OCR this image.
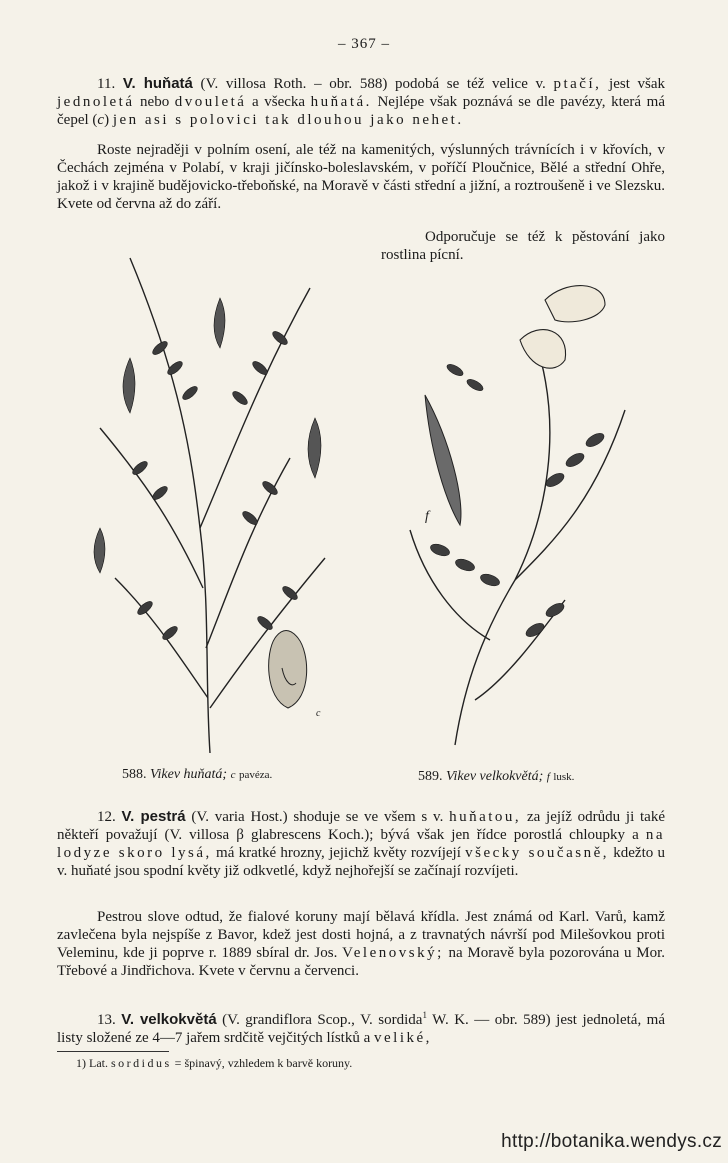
– 367 –

11. V. huňatá (V. villosa Roth. – obr. 588) podobá se též velice v. ptačí, jest však jednoletá nebo dvouletá a všecka huňatá. Nejlépe však poznává se dle pavézy, která má čepel (c) jen asi s polovici tak dlouhou jako nehet.

Roste nejraději v polním osení, ale též na kamenitých, výslunných trávnících i v křovích, v Čechách zejména v Polabí, v kraji jičínsko-boleslavském, v poříčí Ploučnice, Bělé a střední Ohře, jakož i v krajině budějovicko-třeboňské, na Moravě v části střední a jižní, a roztroušeně i ve Slezsku. Kvete od června až do září.

Odporučuje se též k pěstování jako rostlina pícní.

c
f
588. Vikev huňatá; c pavéza.	589. Vikev velkokvětá; f lusk.

12. V. pestrá (V. varia Host.) shoduje se ve všem s v. huňatou, za jejíž odrůdu ji také někteří považují (V. villosa β glabrescens Koch.); bývá však jen řídce porostlá chloupky a na lodyze skoro lysá, má kratké hrozny, jejichž květy rozvíjejí všecky současně, kdežto u v. huňaté jsou spodní květy již odkvetlé, když nejhořejší se začínají rozvíjeti.

Pestrou slove odtud, že fialové koruny mají bělavá křídla. Jest známá od Karl. Varů, kamž zavlečena byla nejspíše z Bavor, kdež jest dosti hojná, a z travnatých návrší pod Milešovkou proti Veleminu, kde ji poprve r. 1889 sbíral dr. Jos. Velenovský; na Moravě byla pozorována u Mor. Třebové a Jindřichova. Kvete v červnu a červenci.

13. V. velkokvětá (V. grandiflora Scop., V. sordida$^1$ W. K. — obr. 589) jest jednoletá, má listy složené ze 4—7 jařem srdčitě vejčitých lístků a veliké,

1) Lat. sordidus = špinavý, vzhledem k barvě koruny.
http://botanika.wendys.cz
